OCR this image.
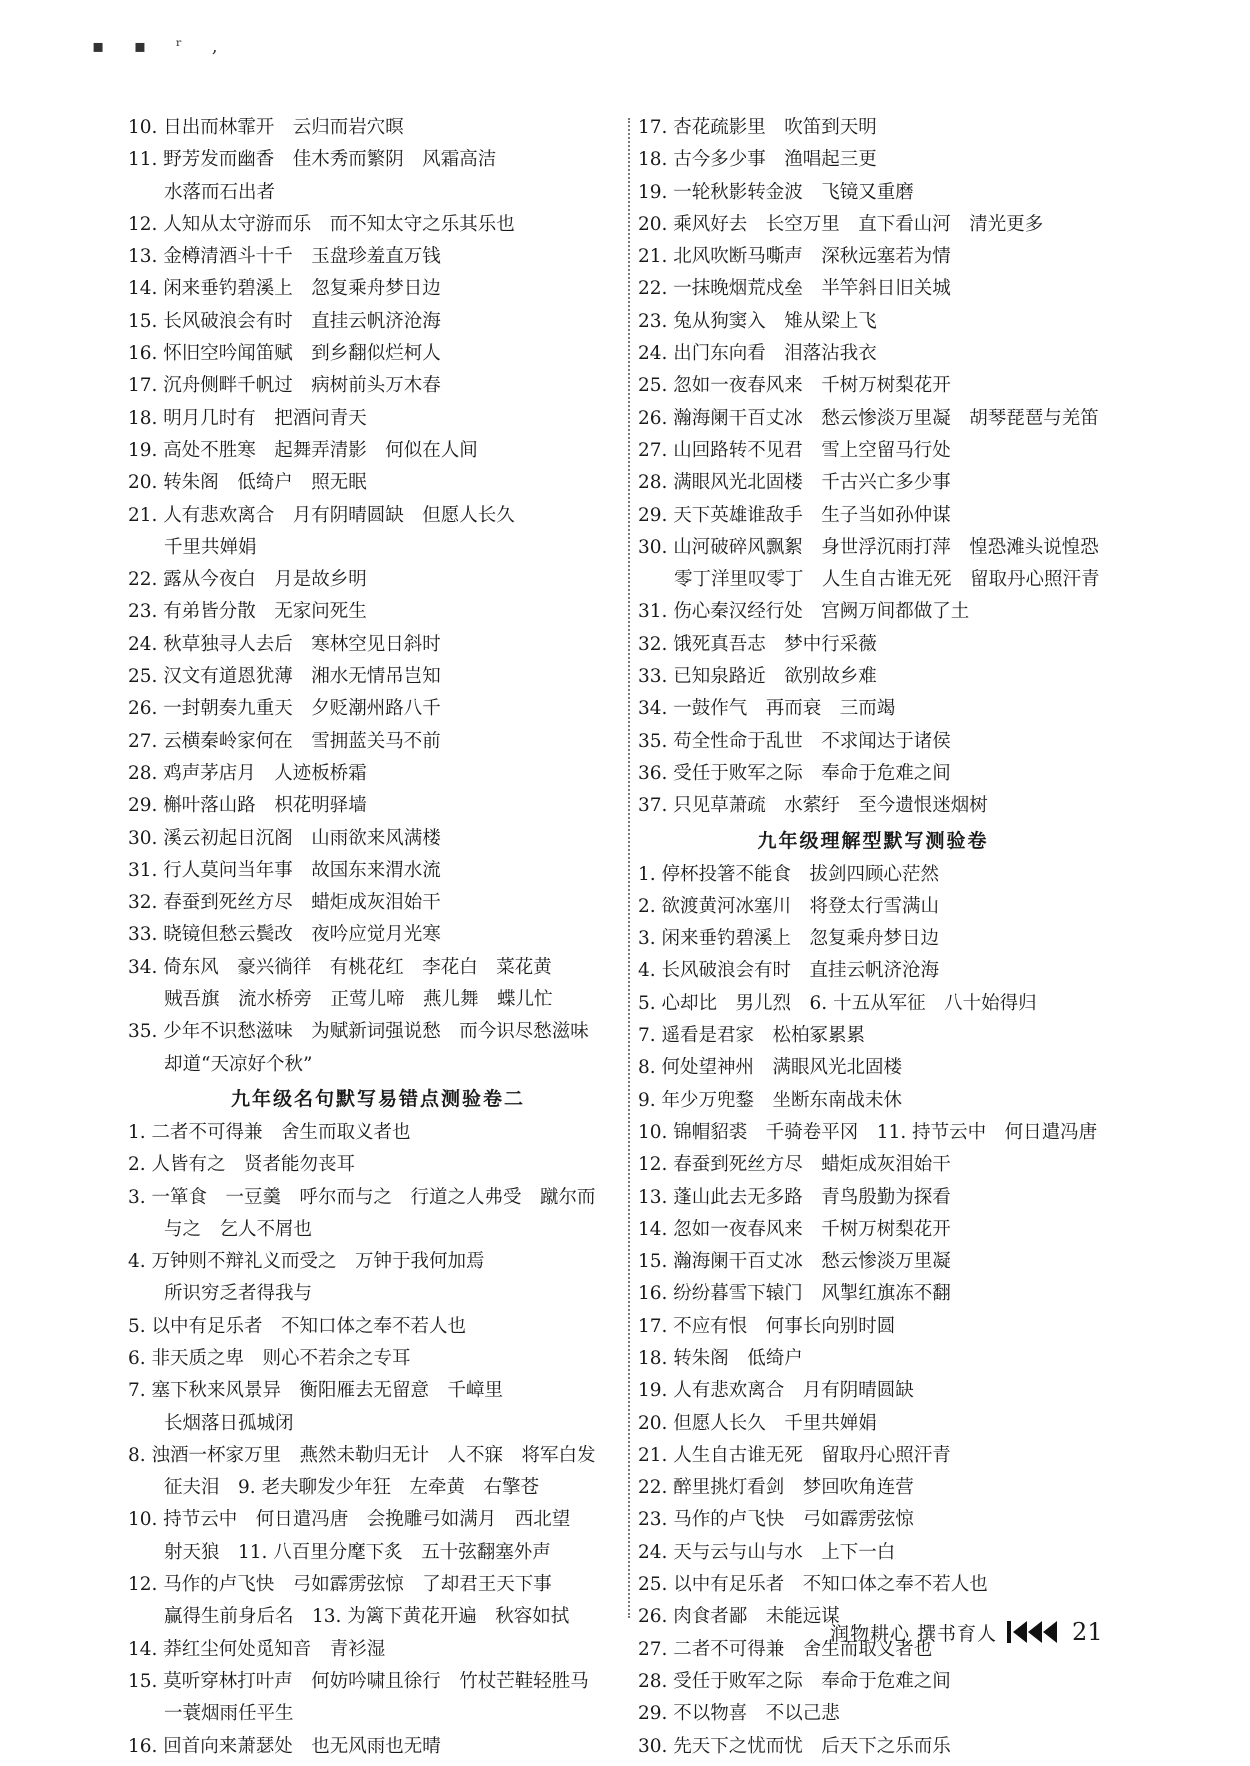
▪ ▪ ʳ ,
10. 日出而林霏开　云归而岩穴暝
11. 野芳发而幽香　佳木秀而繁阴　风霜高洁
水落而石出者
12. 人知从太守游而乐　而不知太守之乐其乐也
13. 金樽清酒斗十千　玉盘珍羞直万钱
14. 闲来垂钓碧溪上　忽复乘舟梦日边
15. 长风破浪会有时　直挂云帆济沧海
16. 怀旧空吟闻笛赋　到乡翻似烂柯人
17. 沉舟侧畔千帆过　病树前头万木春
18. 明月几时有　把酒问青天
19. 高处不胜寒　起舞弄清影　何似在人间
20. 转朱阁　低绮户　照无眠
21. 人有悲欢离合　月有阴晴圆缺　但愿人长久
千里共婵娟
22. 露从今夜白　月是故乡明
23. 有弟皆分散　无家问死生
24. 秋草独寻人去后　寒林空见日斜时
25. 汉文有道恩犹薄　湘水无情吊岂知
26. 一封朝奏九重天　夕贬潮州路八千
27. 云横秦岭家何在　雪拥蓝关马不前
28. 鸡声茅店月　人迹板桥霜
29. 槲叶落山路　枳花明驿墙
30. 溪云初起日沉阁　山雨欲来风满楼
31. 行人莫问当年事　故国东来渭水流
32. 春蚕到死丝方尽　蜡炬成灰泪始干
33. 晓镜但愁云鬓改　夜吟应觉月光寒
34. 倚东风　豪兴徜徉　有桃花红　李花白　菜花黄
贼吾旗　流水桥旁　正莺儿啼　燕儿舞　蝶儿忙
35. 少年不识愁滋味　为赋新词强说愁　而今识尽愁滋味
却道“天凉好个秋”
九年级名句默写易错点测验卷二
1. 二者不可得兼　舍生而取义者也
2. 人皆有之　贤者能勿丧耳
3. 一箪食　一豆羹　呼尔而与之　行道之人弗受　蹴尔而
与之　乞人不屑也
4. 万钟则不辩礼义而受之　万钟于我何加焉
所识穷乏者得我与
5. 以中有足乐者　不知口体之奉不若人也
6. 非天质之卑　则心不若余之专耳
7. 塞下秋来风景异　衡阳雁去无留意　千嶂里
长烟落日孤城闭
8. 浊酒一杯家万里　燕然未勒归无计　人不寐　将军白发
征夫泪　9. 老夫聊发少年狂　左牵黄　右擎苍
10. 持节云中　何日遣冯唐　会挽雕弓如满月　西北望
射天狼　11. 八百里分麾下炙　五十弦翻塞外声
12. 马作的卢飞快　弓如霹雳弦惊　了却君王天下事
赢得生前身后名　13. 为篱下黄花开遍　秋容如拭
14. 莽红尘何处觅知音　青衫湿
15. 莫听穿林打叶声　何妨吟啸且徐行　竹杖芒鞋轻胜马
一蓑烟雨任平生
16. 回首向来萧瑟处　也无风雨也无晴
17. 杏花疏影里　吹笛到天明
18. 古今多少事　渔唱起三更
19. 一轮秋影转金波　飞镜又重磨
20. 乘风好去　长空万里　直下看山河　清光更多
21. 北风吹断马嘶声　深秋远塞若为情
22. 一抹晚烟荒戍垒　半竿斜日旧关城
23. 兔从狗窦入　雉从梁上飞
24. 出门东向看　泪落沾我衣
25. 忽如一夜春风来　千树万树梨花开
26. 瀚海阑干百丈冰　愁云惨淡万里凝　胡琴琵琶与羌笛
27. 山回路转不见君　雪上空留马行处
28. 满眼风光北固楼　千古兴亡多少事
29. 天下英雄谁敌手　生子当如孙仲谋
30. 山河破碎风飘絮　身世浮沉雨打萍　惶恐滩头说惶恐
零丁洋里叹零丁　人生自古谁无死　留取丹心照汗青
31. 伤心秦汉经行处　宫阙万间都做了土
32. 饿死真吾志　梦中行采薇
33. 已知泉路近　欲别故乡难
34. 一鼓作气　再而衰　三而竭
35. 苟全性命于乱世　不求闻达于诸侯
36. 受任于败军之际　奉命于危难之间
37. 只见草萧疏　水萦纡　至今遗恨迷烟树
九年级理解型默写测验卷
1. 停杯投箸不能食　拔剑四顾心茫然
2. 欲渡黄河冰塞川　将登太行雪满山
3. 闲来垂钓碧溪上　忽复乘舟梦日边
4. 长风破浪会有时　直挂云帆济沧海
5. 心却比　男儿烈　6. 十五从军征　八十始得归
7. 遥看是君家　松柏冢累累
8. 何处望神州　满眼风光北固楼
9. 年少万兜鍪　坐断东南战未休
10. 锦帽貂裘　千骑卷平冈　11. 持节云中　何日遣冯唐
12. 春蚕到死丝方尽　蜡炬成灰泪始干
13. 蓬山此去无多路　青鸟殷勤为探看
14. 忽如一夜春风来　千树万树梨花开
15. 瀚海阑干百丈冰　愁云惨淡万里凝
16. 纷纷暮雪下辕门　风掣红旗冻不翻
17. 不应有恨　何事长向别时圆
18. 转朱阁　低绮户
19. 人有悲欢离合　月有阴晴圆缺
20. 但愿人长久　千里共婵娟
21. 人生自古谁无死　留取丹心照汗青
22. 醉里挑灯看剑　梦回吹角连营
23. 马作的卢飞快　弓如霹雳弦惊
24. 天与云与山与水　上下一白
25. 以中有足乐者　不知口体之奉不若人也
26. 肉食者鄙　未能远谋
27. 二者不可得兼　舍生而取义者也
28. 受任于败军之际　奉命于危难之间
29. 不以物喜　不以己悲
30. 先天下之忧而忧　后天下之乐而乐
润物耕心 撰书育人	21
